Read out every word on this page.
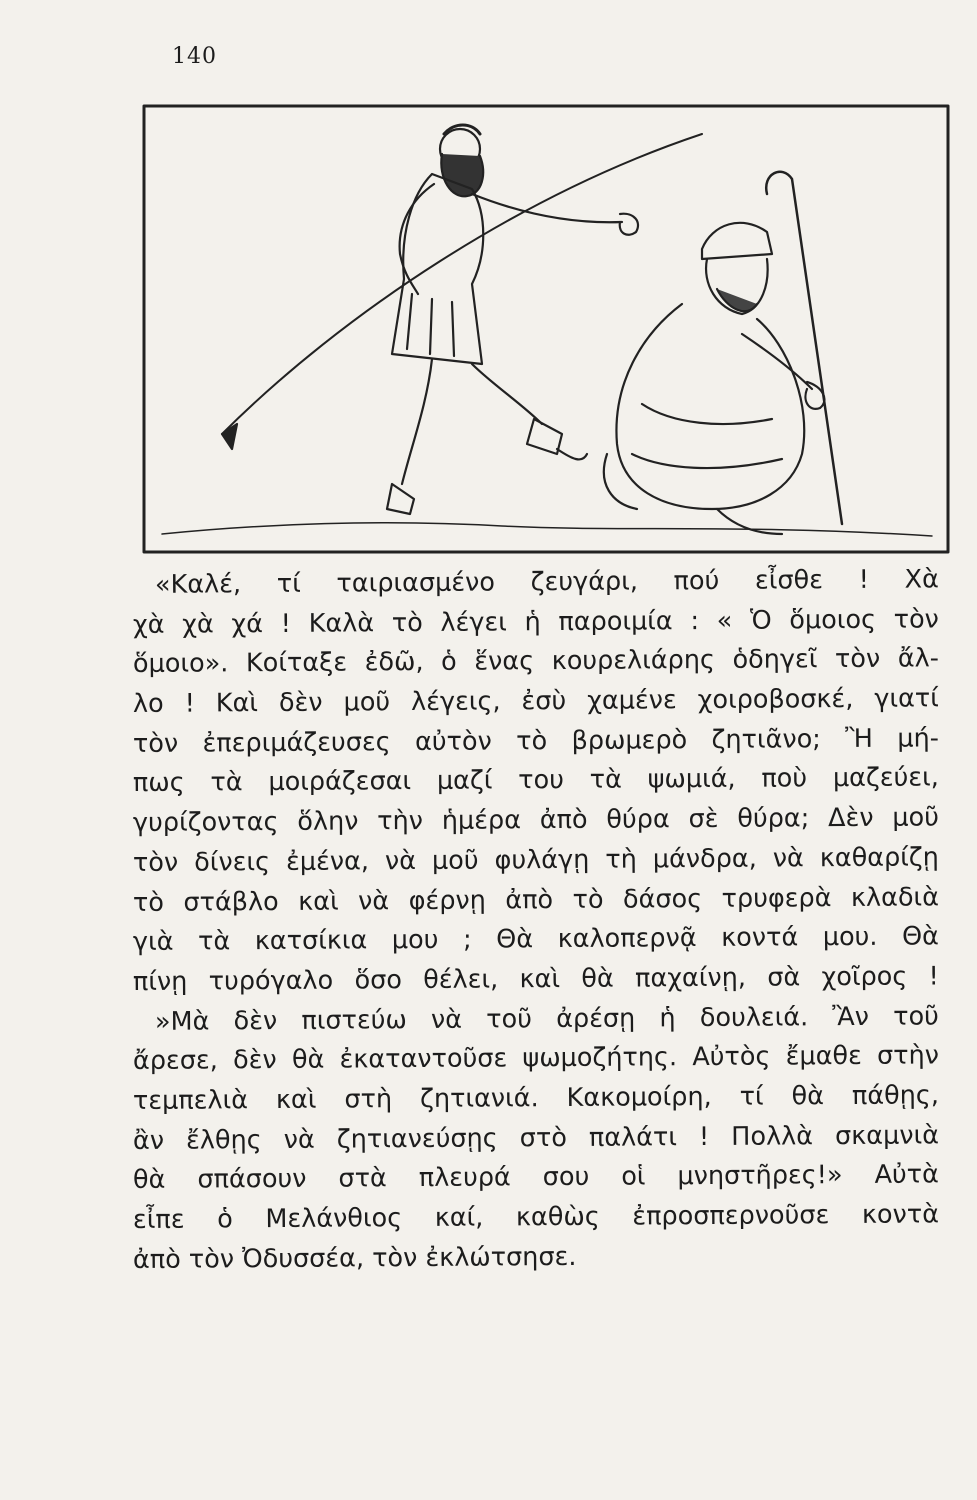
140
«Καλέ, τί ταιριασμένο ζευγάρι, πού εἶσθε ! Χὰ
χὰ χὰ χά ! Καλὰ τὸ λέγει ἡ παροιμία : « Ὁ ὅμοιος τὸν
ὅμοιο». Κοίταξε ἐδῶ, ὁ ἕνας κουρελιάρης ὁδηγεῖ τὸν ἄλ-
λο ! Καὶ δὲν μοῦ λέγεις, ἐσὺ χαμένε χοιροβοσκέ, γιατί
τὸν ἐπεριμάζευσες αὐτὸν τὸ βρωμερὸ ζητιᾶνο; Ἢ μή-
πως τὰ μοιράζεσαι μαζί του τὰ ψωμιά, ποὺ μαζεύει,
γυρίζοντας ὅλην τὴν ἡμέρα ἀπὸ θύρα σὲ θύρα; Δὲν μοῦ
τὸν δίνεις ἐμένα, νὰ μοῦ φυλάγῃ τὴ μάνδρα, νὰ καθαρίζῃ
τὸ στάβλο καὶ νὰ φέρνῃ ἀπὸ τὸ δάσος τρυφερὰ κλαδιὰ
γιὰ τὰ κατσίκια μου ; Θὰ καλοπερνᾷ κοντά μου. Θὰ
πίνῃ τυρόγαλο ὅσο θέλει, καὶ θὰ παχαίνῃ, σὰ χοῖρος !
»Μὰ δὲν πιστεύω νὰ τοῦ ἀρέσῃ ἡ δουλειά. Ἂν τοῦ
ἄρεσε, δὲν θὰ ἐκαταντοῦσε ψωμοζήτης. Αὐτὸς ἔμαθε στὴν
τεμπελιὰ καὶ στὴ ζητιανιά. Κακομοίρη, τί θὰ πάθῃς,
ἂν ἔλθῃς νὰ ζητιανεύσῃς στὸ παλάτι ! Πολλὰ σκαμνιὰ
θὰ σπάσουν στὰ πλευρά σου οἱ μνηστῆρες!» Αὐτὰ
εἶπε ὁ Μελάνθιος καί, καθὼς ἐπροσπερνοῦσε κοντὰ
ἀπὸ τὸν Ὀδυσσέα, τὸν ἐκλώτσησε.
